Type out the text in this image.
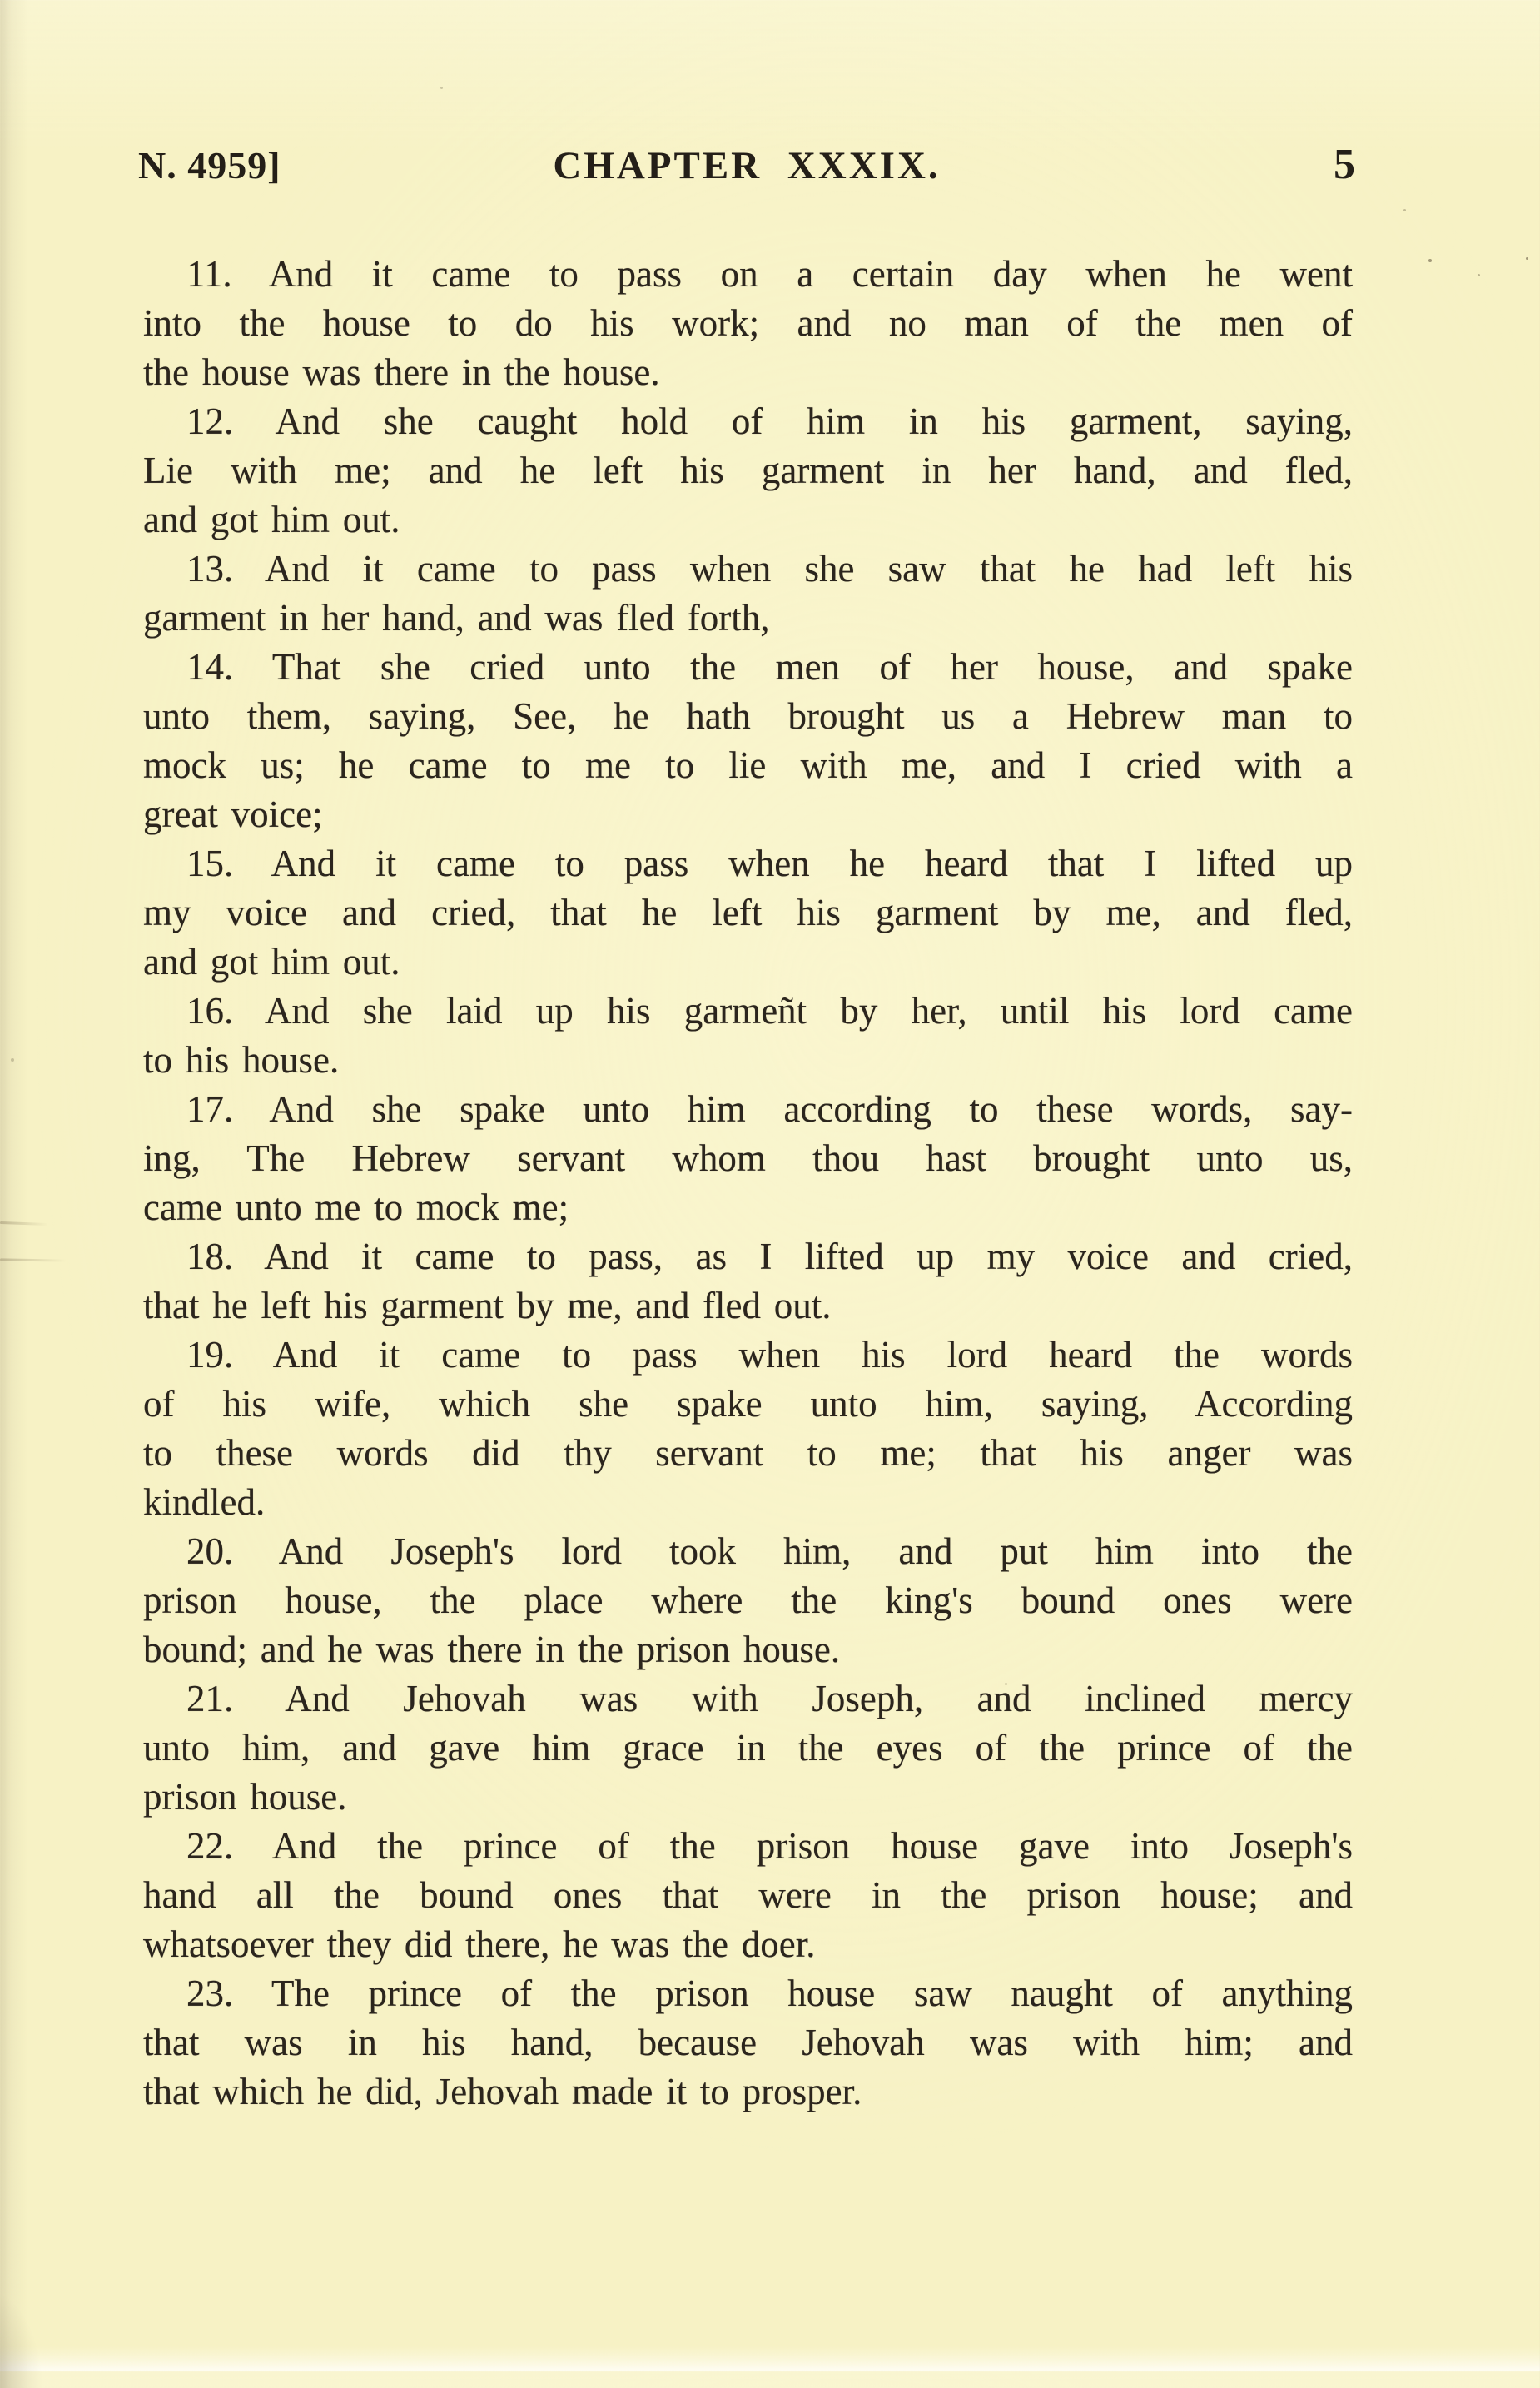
N. 4959]	CHAPTER XXXIX.	5

11. And it came to pass on a certain day when he went
into the house to do his work; and no man of the men of
the house was there in the house.

12. And she caught hold of him in his garment, saying,
Lie with me; and he left his garment in her hand, and fled,
and got him out.

13. And it came to pass when she saw that he had left his
garment in her hand, and was fled forth,

14. That she cried unto the men of her house, and spake
unto them, saying, See, he hath brought us a Hebrew man to
mock us; he came to me to lie with me, and I cried with a
great voice;

15. And it came to pass when he heard that I lifted up
my voice and cried, that he left his garment by me, and fled,
and got him out.

16. And she laid up his garmeñt by her, until his lord came
to his house.

17. And she spake unto him according to these words, say-
ing, The Hebrew servant whom thou hast brought unto us,
came unto me to mock me;

18. And it came to pass, as I lifted up my voice and cried,
that he left his garment by me, and fled out.

19. And it came to pass when his lord heard the words
of his wife, which she spake unto him, saying, According
to these words did thy servant to me; that his anger was
kindled.

20. And Joseph's lord took him, and put him into the
prison house, the place where the king's bound ones were
bound; and he was there in the prison house.

21. And Jehovah was with Joseph, and inclined mercy
unto him, and gave him grace in the eyes of the prince of the
prison house.

22. And the prince of the prison house gave into Joseph's
hand all the bound ones that were in the prison house; and
whatsoever they did there, he was the doer.

23. The prince of the prison house saw naught of anything
that was in his hand, because Jehovah was with him; and
that which he did, Jehovah made it to prosper.
